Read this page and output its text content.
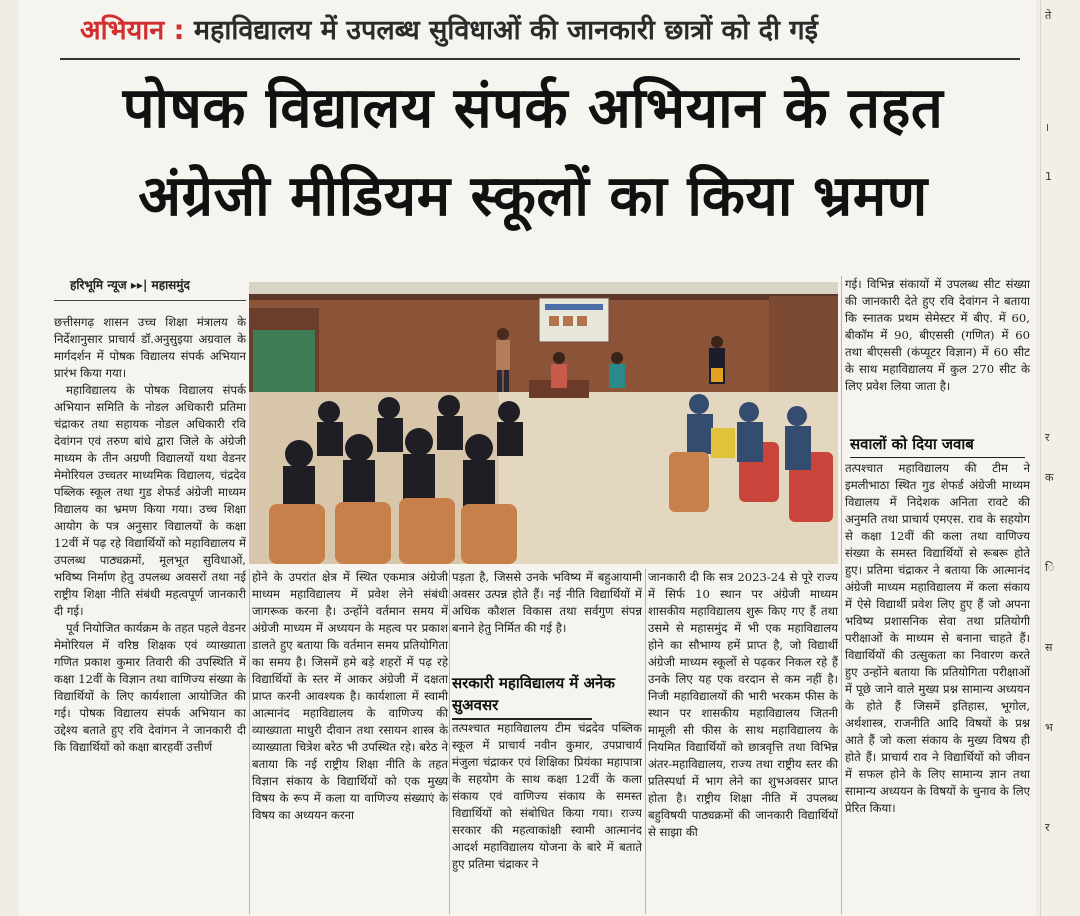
ते
।
1
र
क
ि
स
भ
र
अभियान : महाविद्यालय में उपलब्ध सुविधाओं की जानकारी छात्रों को दी गई
पोषक विद्यालय संपर्क अभियान के तहत
अंग्रेजी मीडियम स्कूलों का किया भ्रमण
हरिभूमि न्यूज ▸▸| महासमुंद

छत्तीसगढ़ शासन उच्च शिक्षा मंत्रालय के निर्देशानुसार प्राचार्य डॉ.अनुसुइया अग्रवाल के मार्गदर्शन में पोषक विद्यालय संपर्क अभियान प्रारंभ किया गया।

महाविद्यालय के पोषक विद्यालय संपर्क अभियान समिति के नोडल अधिकारी प्रतिमा चंद्राकर तथा सहायक नोडल अधिकारी रवि देवांगन एवं तरुण बांधे द्वारा जिले के अंग्रेजी माध्यम के तीन अग्रणी विद्यालयों यथा वेडनर मेमोरियल उच्चतर माध्यमिक विद्यालय, चंद्रदेव पब्लिक स्कूल तथा गुड शेफर्ड अंग्रेजी माध्यम विद्यालय का भ्रमण किया गया। उच्च शिक्षा आयोग के पत्र अनुसार विद्यालयों के कक्षा 12वीं में पढ़ रहे विद्यार्थियों को महाविद्यालय में उपलब्ध पाठ्यक्रमों, मूलभूत सुविधाओं, भविष्य निर्माण हेतु उपलब्ध अवसरों तथा नई राष्ट्रीय शिक्षा नीति संबंधी महत्वपूर्ण जानकारी दी गई।

पूर्व नियोजित कार्यक्रम के तहत पहले वेडनर मेमोरियल में वरिष्ठ शिक्षक एवं व्याख्याता गणित प्रकाश कुमार तिवारी की उपस्थिति में कक्षा 12वीं के विज्ञान तथा वाणिज्य संख्या के विद्यार्थियों के लिए कार्यशाला आयोजित की गई। पोषक विद्यालय संपर्क अभियान का उद्देश्य बताते हुए रवि देवांगन ने जानकारी दी कि विद्यार्थियों को कक्षा बारहवीं उत्तीर्ण

होने के उपरांत क्षेत्र में स्थित एकमात्र अंग्रेजी माध्यम महाविद्यालय में प्रवेश लेने संबंधी जागरूक करना है। उन्होंने वर्तमान समय में अंग्रेजी माध्यम में अध्ययन के महत्व पर प्रकाश डालते हुए बताया कि वर्तमान समय प्रतियोगिता का समय है। जिसमें हमे बड़े शहरों में पढ़ रहे विद्यार्थियों के स्तर में आकर अंग्रेजी में दक्षता प्राप्त करनी आवश्यक है। कार्यशाला में स्वामी आत्मानंद महाविद्यालय के वाणिज्य की व्याख्याता माधुरी दीवान तथा रसायन शास्त्र के व्याख्याता चित्रेश बरेठ भी उपस्थित रहे। बरेठ ने बताया कि नई राष्ट्रीय शिक्षा नीति के तहत विज्ञान संकाय के विद्यार्थियों को एक मुख्य विषय के रूप में कला या वाणिज्य संख्याएं के विषय का अध्ययन करना

पड़ता है, जिससे उनके भविष्य में बहुआयामी अवसर उत्पन्न होते हैं। नई नीति विद्यार्थियों में अधिक कौशल विकास तथा सर्वगुण संपन्न बनाने हेतु निर्मित की गई है।

सरकारी महाविद्यालय में अनेक सुअवसर

तत्पश्चात महाविद्यालय टीम चंद्रदेव पब्लिक स्कूल में प्राचार्य नवीन कुमार, उपप्राचार्य मंजुला चंद्राकर एवं शिक्षिका प्रियंका महापात्रा के सहयोग के साथ कक्षा 12वीं के कला संकाय एवं वाणिज्य संकाय के समस्त विद्यार्थियों को संबोधित किया गया। राज्य सरकार की महत्वाकांक्षी स्वामी आत्मानंद आदर्श महाविद्यालय योजना के बारे में बताते हुए प्रतिमा चंद्राकर ने

जानकारी दी कि सत्र 2023-24 से पूरे राज्य में सिर्फ 10 स्थान पर अंग्रेजी माध्यम शासकीय महाविद्यालय शुरू किए गए हैं तथा उसमे से महासमुंद में भी एक महाविद्यालय होने का सौभाग्य हमें प्राप्त है, जो विद्यार्थी अंग्रेजी माध्यम स्कूलों से पढ़कर निकल रहे हैं उनके लिए यह एक वरदान से कम नहीं है। निजी महाविद्यालयों की भारी भरकम फीस के स्थान पर शासकीय महाविद्यालय जितनी मामूली सी फीस के साथ महाविद्यालय के नियमित विद्यार्थियों को छात्रवृत्ति तथा विभिन्न अंतर-महाविद्यालय, राज्य तथा राष्ट्रीय स्तर की प्रतिस्पर्धा में भाग लेने का शुभअवसर प्राप्त होता है। राष्ट्रीय शिक्षा नीति में उपलब्ध बहुविषयी पाठ्यक्रमों की जानकारी विद्यार्थियों से साझा की

गई। विभिन्न संकायों में उपलब्ध सीट संख्या की जानकारी देते हुए रवि देवांगन ने बताया कि स्नातक प्रथम सेमेस्टर में बीए. में 60, बीकॉम में 90, बीएससी (गणित) में 60 तथा बीएससी (कंप्यूटर विज्ञान) में 60 सीट के साथ महाविद्यालय में कुल 270 सीट के लिए प्रवेश लिया जाता है।

सवालों को दिया जवाब

तत्पश्चात महाविद्यालय की टीम ने इमलीभाठा स्थित गुड शेफर्ड अंग्रेजी माध्यम विद्यालय में निदेशक अनिता रावटे की अनुमति तथा प्राचार्य एमएस. राव के सहयोग से कक्षा 12वीं की कला तथा वाणिज्य संख्या के समस्त विद्यार्थियों से रूबरू होते हुए। प्रतिमा चंद्राकर ने बताया कि आत्मानंद अंग्रेजी माध्यम महाविद्यालय में कला संकाय में ऐसे विद्यार्थी प्रवेश लिए हुए हैं जो अपना भविष्य प्रशासनिक सेवा तथा प्रतियोगी परीक्षाओं के माध्यम से बनाना चाहते हैं। विद्यार्थियों की उत्सुकता का निवारण करते हुए उन्होंने बताया कि प्रतियोगिता परीक्षाओं में पूछे जाने वाले मुख्य प्रश्न सामान्य अध्ययन के होते हैं जिसमें इतिहास, भूगोल, अर्थशास्त्र, राजनीति आदि विषयों के प्रश्न आते हैं जो कला संकाय के मुख्य विषय ही होते हैं। प्राचार्य राव ने विद्यार्थियों को जीवन में सफल होने के लिए सामान्य ज्ञान तथा सामान्य अध्ययन के विषयों के चुनाव के लिए प्रेरित किया।
